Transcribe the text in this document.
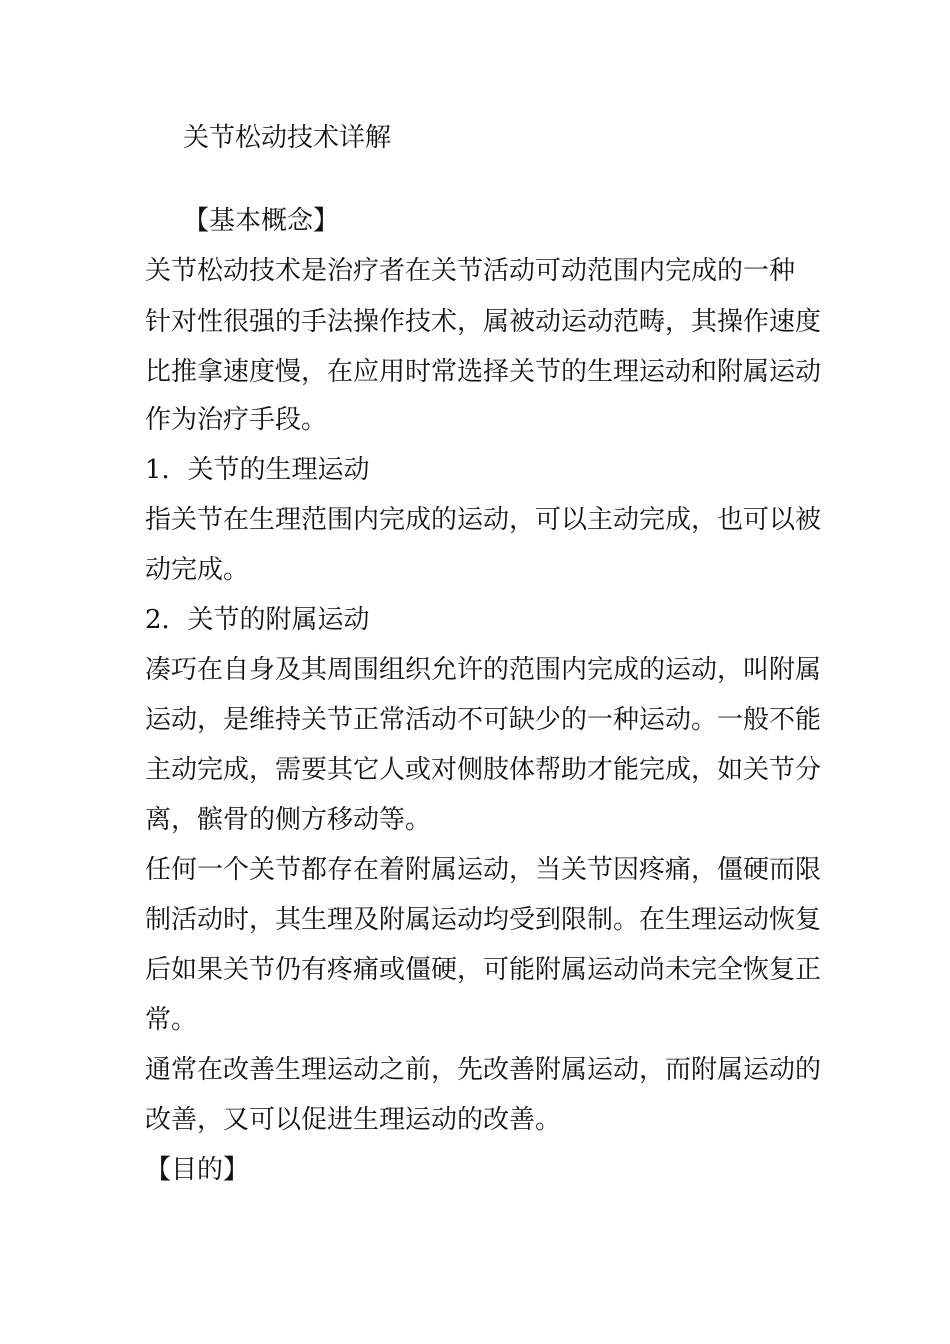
关节松动技术详解
【基本概念】
关节松动技术是治疗者在关节活动可动范围内完成的一种
针对性很强的手法操作技术，属被动运动范畴，其操作速度
比推拿速度慢，在应用时常选择关节的生理运动和附属运动
作为治疗手段。
1．关节的生理运动
指关节在生理范围内完成的运动，可以主动完成，也可以被
动完成。
2．关节的附属运动
凑巧在自身及其周围组织允许的范围内完成的运动，叫附属
运动，是维持关节正常活动不可缺少的一种运动。一般不能
主动完成，需要其它人或对侧肢体帮助才能完成，如关节分
离，髌骨的侧方移动等。
任何一个关节都存在着附属运动，当关节因疼痛，僵硬而限
制活动时，其生理及附属运动均受到限制。在生理运动恢复
后如果关节仍有疼痛或僵硬，可能附属运动尚未完全恢复正
常。
通常在改善生理运动之前，先改善附属运动，而附属运动的
改善，又可以促进生理运动的改善。
【目的】
